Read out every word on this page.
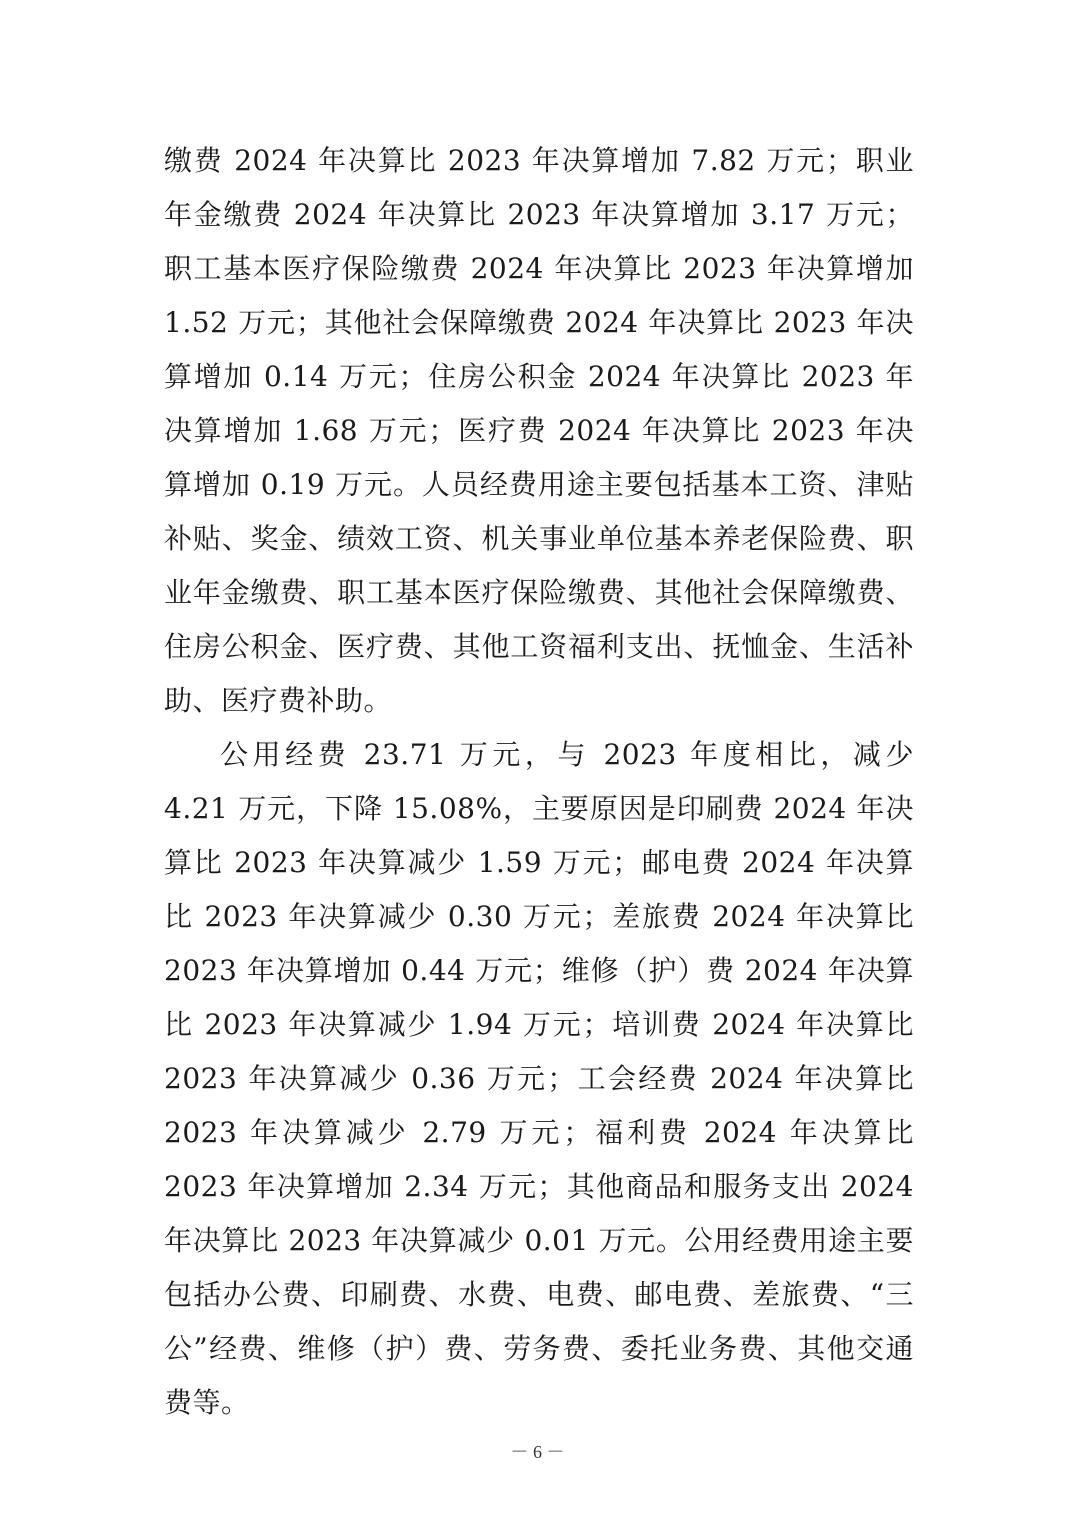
缴费 2024 年决算比 2023 年决算增加 7.82 万元；职业年金缴费 2024 年决算比 2023 年决算增加 3.17 万元；职工基本医疗保险缴费 2024 年决算比 2023 年决算增加 1.52 万元；其他社会保障缴费 2024 年决算比 2023 年决算增加 0.14 万元；住房公积金 2024 年决算比 2023 年决算增加 1.68 万元；医疗费 2024 年决算比 2023 年决算增加 0.19 万元。人员经费用途主要包括基本工资、津贴补贴、奖金、绩效工资、机关事业单位基本养老保险费、职业年金缴费、职工基本医疗保险缴费、其他社会保障缴费、住房公积金、医疗费、其他工资福利支出、抚恤金、生活补助、医疗费补助。

公用经费 23.71 万元，与 2023 年度相比，减少 4.21 万元，下降 15.08%，主要原因是印刷费 2024 年决算比 2023 年决算减少 1.59 万元；邮电费 2024 年决算比 2023 年决算减少 0.30 万元；差旅费 2024 年决算比 2023 年决算增加 0.44 万元；维修（护）费 2024 年决算比 2023 年决算减少 1.94 万元；培训费 2024 年决算比 2023 年决算减少 0.36 万元；工会经费 2024 年决算比 2023 年决算减少 2.79 万元；福利费 2024 年决算比 2023 年决算增加 2.34 万元；其他商品和服务支出 2024 年决算比 2023 年决算减少 0.01 万元。公用经费用途主要包括办公费、印刷费、水费、电费、邮电费、差旅费、“三公”经费、维修（护）费、劳务费、委托业务费、其他交通费等。

－ 6 －
